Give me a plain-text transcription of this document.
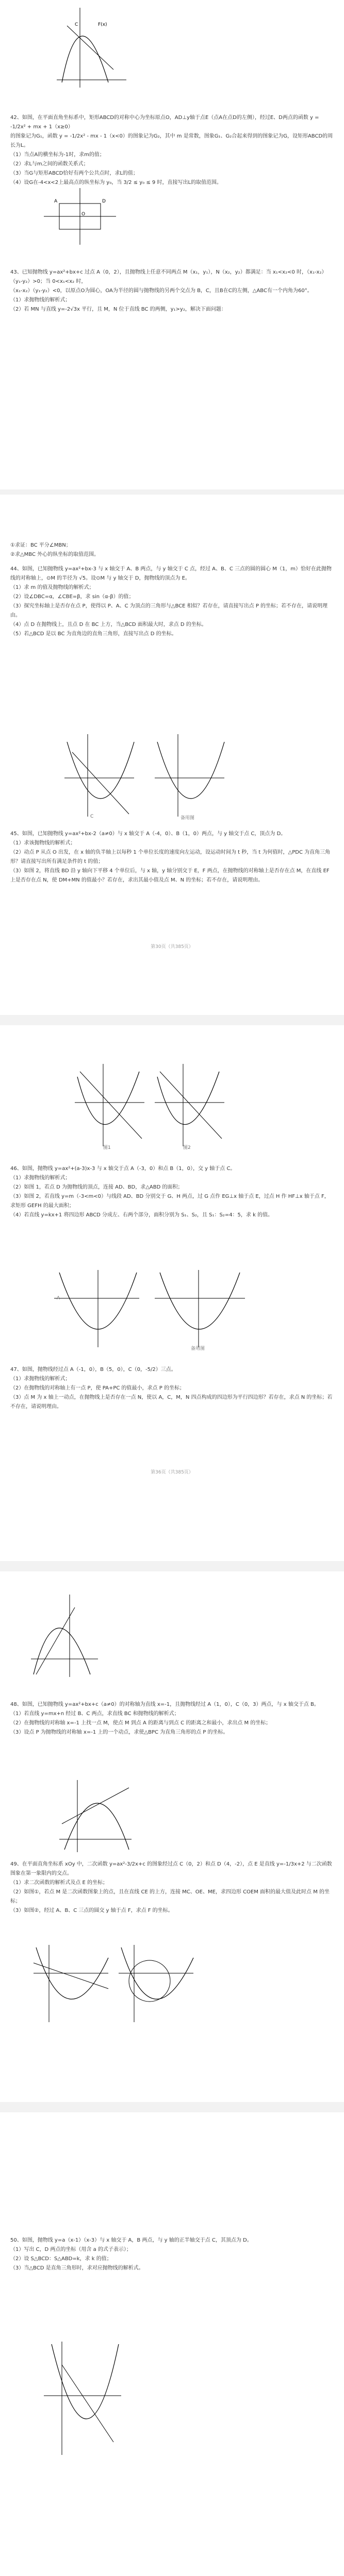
C	F(x)

42、如图，在平面直角坐标系中，矩形ABCD的对称中心为坐标原点O，AD⊥y轴于点E（点A在点D的左侧），经过E、D两点的函数 y = -1/2x² + mx + 1（x≥0）

的图象记为G₁，函数 y = -1/2x² - mx - 1（x<0）的图象记为G₂，其中 m 是常数，图象G₁、G₂合起来得到的图象记为G，设矩形ABCD的周长为L。

（1）当点A的横坐标为-1时，求m的值；

（2）求L与m之间的函数关系式；

（3）当G与矩形ABCD恰好有两个公共点时，求L的值；

（4）设G在-4<x<2上最高点的纵坐标为 y₀，当 3/2 ≤ y₀ ≤ 9 时，直接写出L的取值范围。

A	D
O

43、已知抛物线 y=ax²+bx+c 过点 A（0，2），且抛物线上任意不同两点 M（x₁，y₁），N（x₂，y₂）都满足：当 x₁<x₂<0 时，（x₁-x₂）（y₁-y₂）>0；当 0<x₁<x₂ 时，

（x₁-x₂）（y₁-y₂）<0，以原点O为圆心，OA为半径的圆与抛物线的另两个交点为 B，C，且B在C的左侧，△ABC有一个内角为60°。

（1）求抛物线的解析式；

（2）若 MN 与直线 y=-2√3x 平行，且 M，N 位于直线 BC 的两侧，y₁>y₂，解决下面问题：

①求证：BC 平分∠MBN；

②求△MBC 外心的纵坐标的取值范围。

44、如图，已知抛物线 y=ax²+bx-3 与 x 轴交于 A、B 两点，与 y 轴交于 C 点，经过 A、B、C 三点的圆的圆心 M（1，m）恰好在此抛物线的对称轴上，⊙M 的半径为 √5。设⊙M 与 y 轴交于 D，抛物线的顶点为 E。

（1）求 m 的值及抛物线的解析式；

（2）设∠DBC=α，∠CBE=β，求 sin（α-β）的值；

（3）探究坐标轴上是否存在点 P，使得以 P、A、C 为顶点的三角形与△BCE 相似？若存在，请直接写出点 P 的坐标；若不存在，请说明理由。

（4）点 D 在抛物线上，且点 D 在 BC 上方，当△BCD 面积最大时，求点 D 的坐标。

（5）若△BCD 是以 BC 为直角边的直角三角形，直接写出点 D 的坐标。

C	备用图

45、如图，已知抛物线 y=ax²+bx-2（a≠0）与 x 轴交于 A（-4，0）、B（1，0）两点，与 y 轴交于点 C，顶点为 D。

（1）求该抛物线的解析式；

（2）动点 P 从点 O 出发，在 x 轴的负半轴上以每秒 1 个单位长度的速度向左运动，设运动时间为 t 秒，当 t 为何值时，△PDC 为直角三角形？请直接写出所有满足条件的 t 的值；

（3）如图 2，将直线 BD 沿 y 轴向下平移 4 个单位后，与 x 轴，y 轴分别交于 E，F 两点，在抛物线的对称轴上是否存在点 M，在直线 EF 上是否存在点 N，使 DM+MN 的值最小？若存在，求出其最小值及点 M、N 的坐标；若不存在，请说明理由。

第30页（共385页）
图1	图2

46、如图，抛物线 y=ax²+(a-3)x-3 与 x 轴交于点 A（-3，0）和点 B（1，0），交 y 轴于点 C。

（1）求抛物线的解析式；

（2）如图 1，若点 D 为抛物线的顶点，连接 AD、BD，求△ABD 的面积；

（3）如图 2，若直线 y=m（-3<m<0）与线段 AD、BD 分别交于 G、H 两点，过 G 点作 EG⊥x 轴于点 E，过点 H 作 HF⊥x 轴于点 F，求矩形 GEFH 的最大面积；

（4）若直线 y=kx+1 将四边形 ABCD 分成左、右两个部分，面积分别为 S₁、S₂，且 S₁：S₂=4：5，求 k 的值。

A
备用图

47、如图，抛物线经过点 A（-1，0），B（5，0），C（0，-5/2）三点。

（1）求抛物线的解析式；

（2）在抛物线的对称轴上有一点 P，使 PA+PC 的值最小，求点 P 的坐标；

（3）点 M 为 x 轴上一动点，在抛物线上是否存在一点 N，使以 A，C，M，N 四点构成的四边形为平行四边形？若存在，求点 N 的坐标；若不存在，请说明理由。

第36页（共385页）

48、如图，已知抛物线 y=ax²+bx+c（a≠0）的对称轴为直线 x=-1，且抛物线经过 A（1，0），C（0，3）两点，与 x 轴交于点 B。

（1）若直线 y=mx+n 经过 B、C 两点，求直线 BC 和抛物线的解析式；

（2）在抛物线的对称轴 x=-1 上找一点 M，使点 M 到点 A 的距离与到点 C 的距离之和最小，求出点 M 的坐标；

（3）设点 P 为抛物线的对称轴 x=-1 上的一个动点，求使△BPC 为直角三角形的点 P 的坐标。

49、在平面直角坐标系 xOy 中，二次函数 y=ax²-3/2x+c 的图象经过点 C（0，2）和点 D（4，-2），点 E 是直线 y=-1/3x+2 与二次函数图象在第一象限内的交点。

（1）求二次函数的解析式及点 E 的坐标；

（2）如图①，若点 M 是二次函数图象上的点，且在直线 CE 的上方，连接 MC、OE、ME，求四边形 COEM 面积的最大值及此时点 M 的坐标；

（3）如图②，经过 A、B、C 三点的圆交 y 轴于点 F，求点 F 的坐标。

50、如图，抛物线 y=a（x-1）（x-3）与 x 轴交于 A，B 两点，与 y 轴的正半轴交于点 C，其顶点为 D。

（1）写出 C，D 两点的坐标（用含 a 的式子表示）；

（2）设 S△BCD：S△ABD=k，求 k 的值；

（3）当△BCD 是直角三角形时，求对应抛物线的解析式。
